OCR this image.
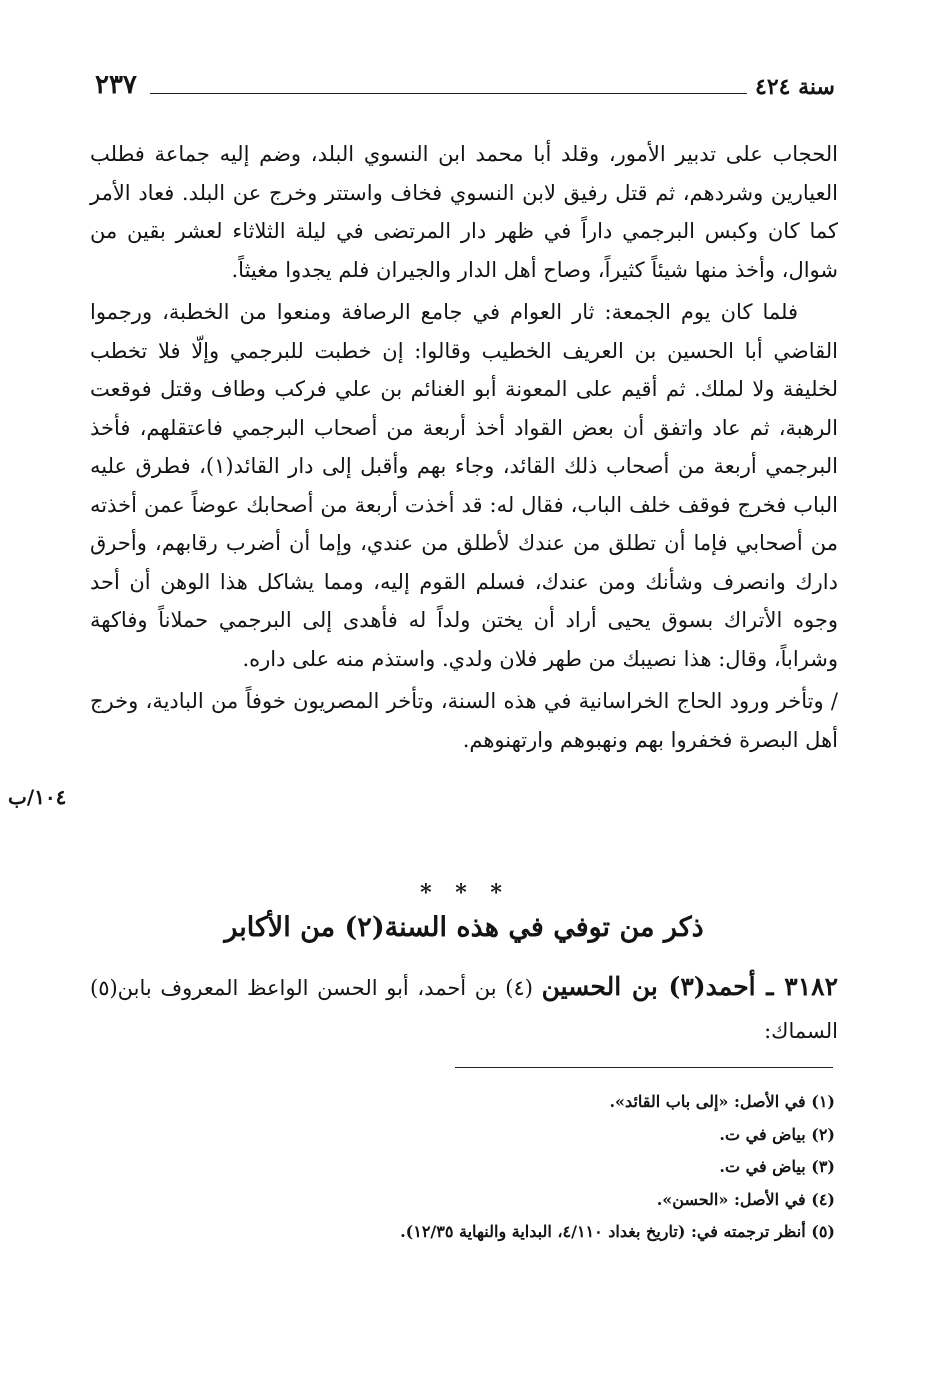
سنة ٤٢٤
٢٣٧

الحجاب على تدبير الأمور، وقلد أبا محمد ابن النسوي البلد، وضم إليه جماعة فطلب العيارين وشردهم، ثم قتل رفيق لابن النسوي فخاف واستتر وخرج عن البلد. فعاد الأمر كما كان وكبس البرجمي داراً في ظهر دار المرتضى في ليلة الثلاثاء لعشر بقين من شوال، وأخذ منها شيئاً كثيراً، وصاح أهل الدار والجيران فلم يجدوا مغيثاً.

فلما كان يوم الجمعة: ثار العوام في جامع الرصافة ومنعوا من الخطبة، ورجموا القاضي أبا الحسين بن العريف الخطيب وقالوا: إن خطبت للبرجمي وإلّا فلا تخطب لخليفة ولا لملك. ثم أقيم على المعونة أبو الغنائم بن علي فركب وطاف وقتل فوقعت الرهبة، ثم عاد واتفق أن بعض القواد أخذ أربعة من أصحاب البرجمي فاعتقلهم، فأخذ البرجمي أربعة من أصحاب ذلك القائد، وجاء بهم وأقبل إلى دار القائد(١)، فطرق عليه الباب فخرج فوقف خلف الباب، فقال له: قد أخذت أربعة من أصحابك عوضاً عمن أخذته من أصحابي فإما أن تطلق من عندك لأطلق من عندي، وإما أن أضرب رقابهم، وأحرق دارك وانصرف وشأنك ومن عندك، فسلم القوم إليه، ومما يشاكل هذا الوهن أن أحد وجوه الأتراك بسوق يحيى أراد أن يختن ولداً له فأهدى إلى البرجمي حملاناً وفاكهة وشراباً، وقال: هذا نصيبك من طهر فلان ولدي. واستذم منه على داره.

/ وتأخر ورود الحاج الخراسانية في هذه السنة، وتأخر المصريون خوفاً من البادية، وخرج أهل البصرة فخفروا بهم ونهبوهم وارتهنوهم.

١٠٤/ب
* * *
ذكر من توفي في هذه السنة(٢) من الأكابر
٣١٨٢ ـ أحمد(٣) بن الحسين (٤) بن أحمد، أبو الحسن الواعظ المعروف بابن(٥) السماك:
(١) في الأصل: «إلى باب القائد».
(٢) بياض في ت.
(٣) بياض في ت.
(٤) في الأصل: «الحسن».
(٥) أنظر ترجمته في: (تاريخ بغداد ٤/١١٠، البداية والنهاية ١٢/٣٥).
